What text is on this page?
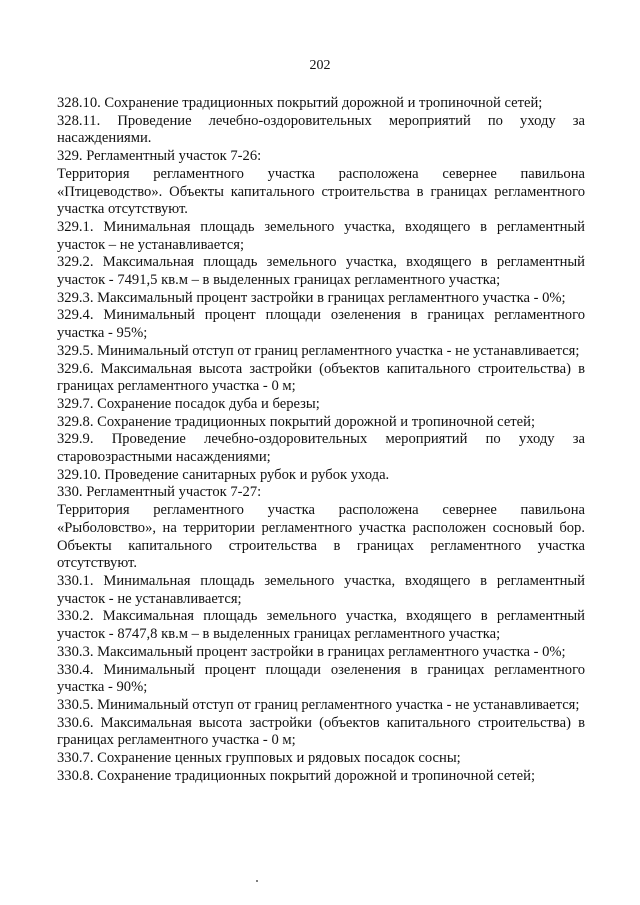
202

328.10. Сохранение традиционных покрытий дорожной и тропиночной сетей;

328.11. Проведение лечебно-оздоровительных мероприятий по уходу за насаждениями.

329. Регламентный участок 7-26:

Территория регламентного участка расположена севернее павильона «Птицеводство». Объекты капитального строительства в границах регламентного участка отсутствуют.

329.1. Минимальная площадь земельного участка, входящего в регламентный участок – не устанавливается;

329.2. Максимальная площадь земельного участка, входящего в регламентный участок - 7491,5 кв.м – в выделенных границах регламентного участка;

329.3. Максимальный процент застройки в границах регламентного участка - 0%;

329.4. Минимальный процент площади озеленения в границах регламентного участка - 95%;

329.5. Минимальный отступ от границ регламентного участка - не устанавливается;

329.6. Максимальная высота застройки (объектов капитального строительства) в границах регламентного участка - 0 м;

329.7. Сохранение посадок дуба и березы;

329.8. Сохранение традиционных покрытий дорожной и тропиночной сетей;

329.9. Проведение лечебно-оздоровительных мероприятий по уходу за старовозрастными насаждениями;

329.10. Проведение санитарных рубок и рубок ухода.

330. Регламентный участок 7-27:

Территория регламентного участка расположена севернее павильона «Рыболовство», на территории регламентного участка расположен сосновый бор. Объекты капитального строительства в границах регламентного участка отсутствуют.

330.1. Минимальная площадь земельного участка, входящего в регламентный участок - не устанавливается;

330.2. Максимальная площадь земельного участка, входящего в регламентный участок - 8747,8 кв.м – в выделенных границах регламентного участка;

330.3. Максимальный процент застройки в границах регламентного участка - 0%;

330.4. Минимальный процент площади озеленения в границах регламентного участка - 90%;

330.5. Минимальный отступ от границ регламентного участка - не устанавливается;

330.6. Максимальная высота застройки (объектов капитального строительства) в границах регламентного участка - 0 м;

330.7. Сохранение ценных групповых и рядовых посадок сосны;

330.8. Сохранение традиционных покрытий дорожной и тропиночной сетей;
